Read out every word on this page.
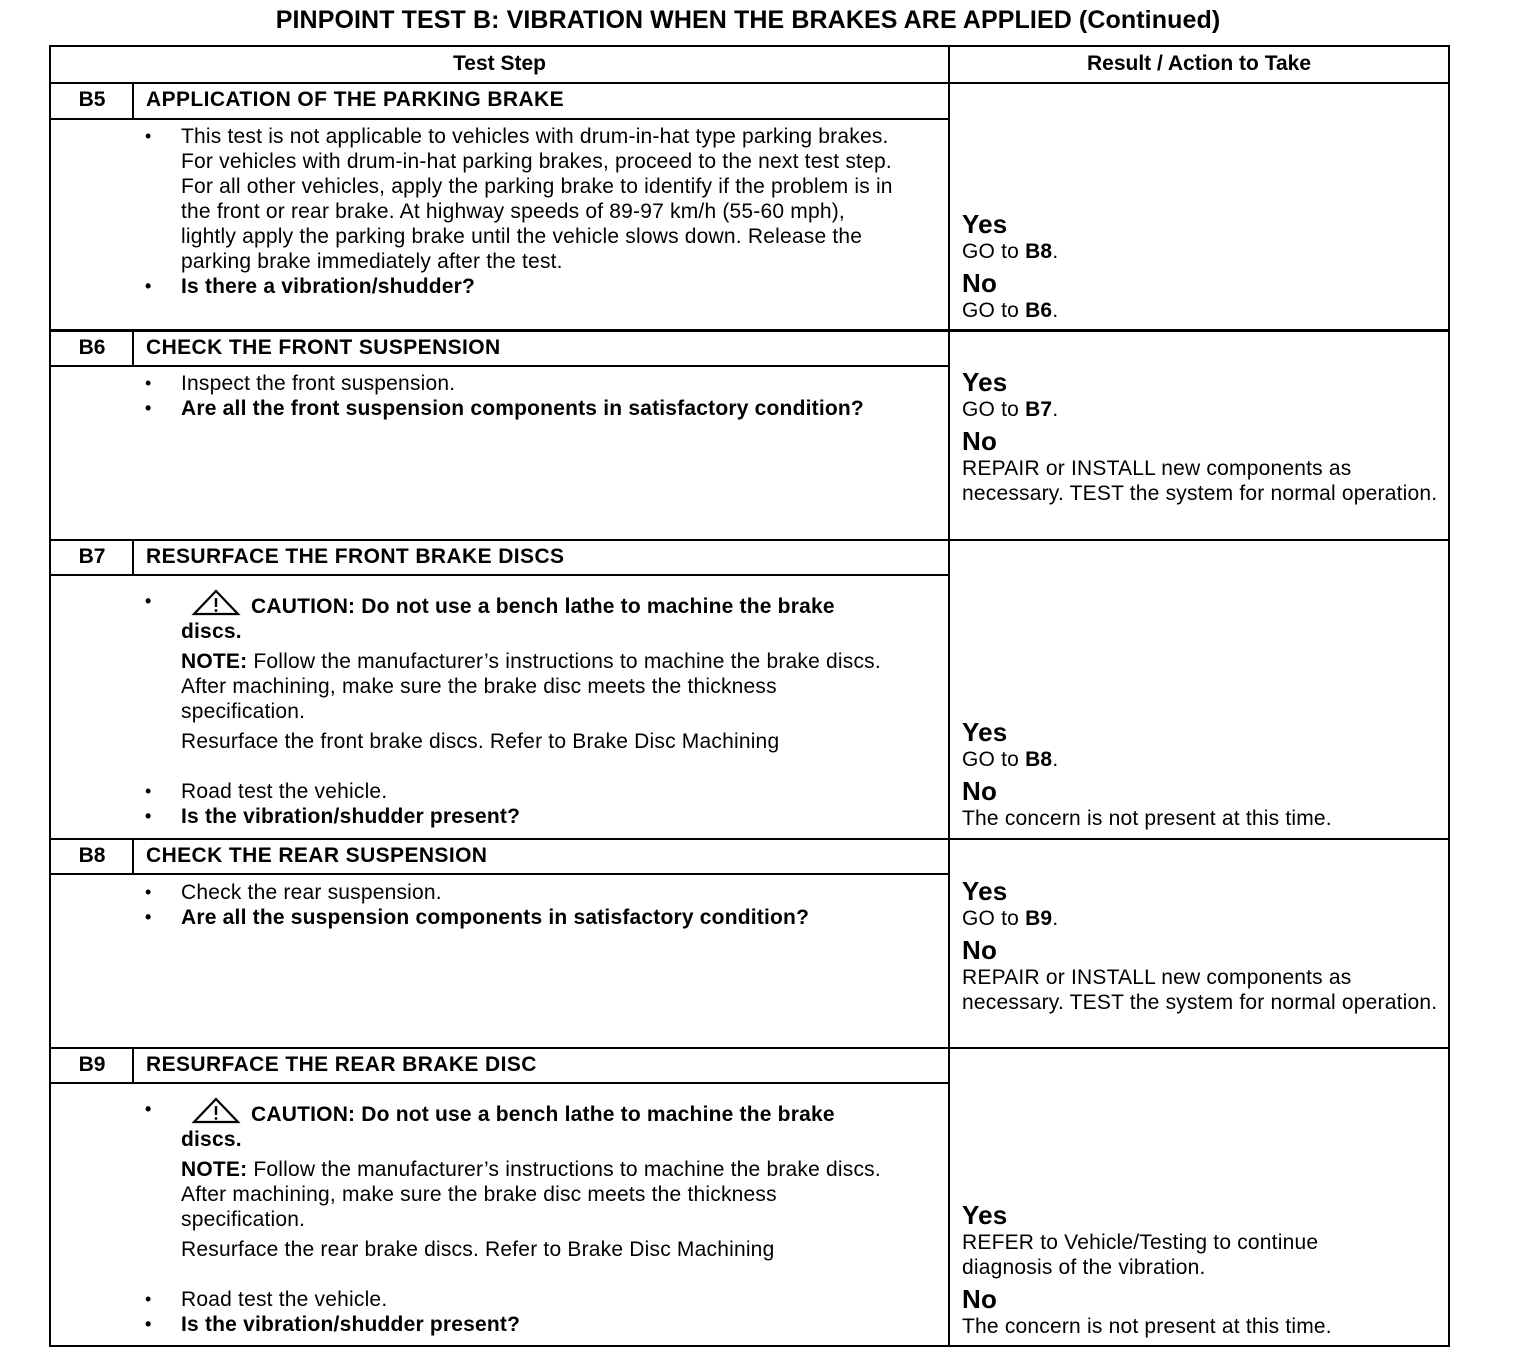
PINPOINT TEST B: VIBRATION WHEN THE BRAKES ARE APPLIED (Continued)
Test Step	Result / Action to Take
B5	APPLICATION OF THE PARKING BRAKE
• This test is not applicable to vehicles with drum-in-hat type parking brakes. For vehicles with drum-in-hat parking brakes, proceed to the next test step. For all other vehicles, apply the parking brake to identify if the problem is in the front or rear brake. At highway speeds of 89-97 km/h (55-60 mph), lightly apply the parking brake until the vehicle slows down. Release the parking brake immediately after the test.
• Is there a vibration/shudder?
Yes
GO to B8.
No
GO to B6.
B6	CHECK THE FRONT SUSPENSION
• Inspect the front suspension.
• Are all the front suspension components in satisfactory condition?
Yes
GO to B7.
No
REPAIR or INSTALL new components as necessary. TEST the system for normal operation.
B7	RESURFACE THE FRONT BRAKE DISCS
• CAUTION: Do not use a bench lathe to machine the brake discs.
NOTE: Follow the manufacturer’s instructions to machine the brake discs. After machining, make sure the brake disc meets the thickness specification.
Resurface the front brake discs. Refer to Brake Disc Machining
• Road test the vehicle.
• Is the vibration/shudder present?
Yes
GO to B8.
No
The concern is not present at this time.
B8	CHECK THE REAR SUSPENSION
• Check the rear suspension.
• Are all the suspension components in satisfactory condition?
Yes
GO to B9.
No
REPAIR or INSTALL new components as necessary. TEST the system for normal operation.
B9	RESURFACE THE REAR BRAKE DISC
• CAUTION: Do not use a bench lathe to machine the brake discs.
NOTE: Follow the manufacturer’s instructions to machine the brake discs. After machining, make sure the brake disc meets the thickness specification.
Resurface the rear brake discs. Refer to Brake Disc Machining
• Road test the vehicle.
• Is the vibration/shudder present?
Yes
REFER to Vehicle/Testing to continue diagnosis of the vibration.
No
The concern is not present at this time.
